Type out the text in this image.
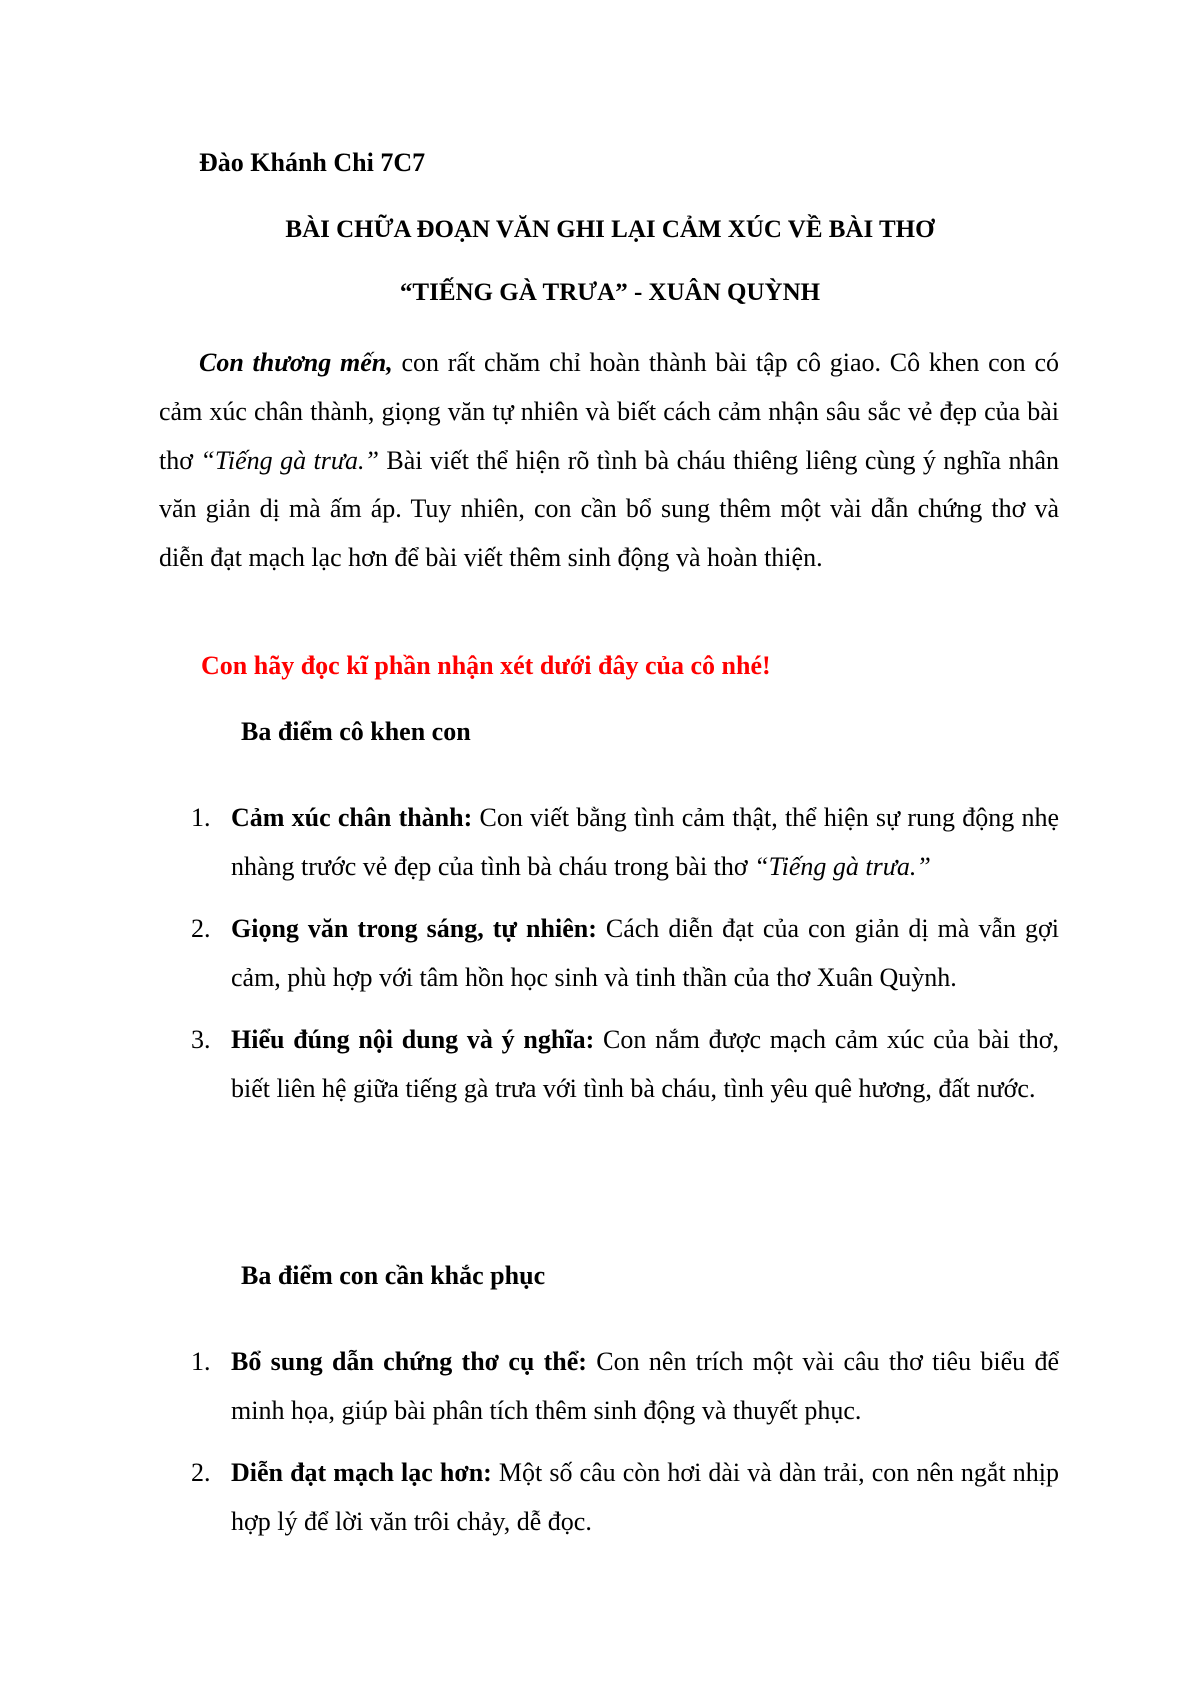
Đào Khánh Chi 7C7
BÀI CHỮA ĐOẠN VĂN GHI LẠI CẢM XÚC VỀ BÀI THƠ
“TIẾNG GÀ TRƯA” - XUÂN QUỲNH

Con thương mến, con rất chăm chỉ hoàn thành bài tập cô giao. Cô khen con có cảm xúc chân thành, giọng văn tự nhiên và biết cách cảm nhận sâu sắc vẻ đẹp của bài thơ “Tiếng gà trưa.” Bài viết thể hiện rõ tình bà cháu thiêng liêng cùng ý nghĩa nhân văn giản dị mà ấm áp. Tuy nhiên, con cần bổ sung thêm một vài dẫn chứng thơ và diễn đạt mạch lạc hơn để bài viết thêm sinh động và hoàn thiện.

Con hãy đọc kĩ phần nhận xét dưới đây của cô nhé!
Ba điểm cô khen con
1. Cảm xúc chân thành: Con viết bằng tình cảm thật, thể hiện sự rung động nhẹ nhàng trước vẻ đẹp của tình bà cháu trong bài thơ “Tiếng gà trưa.”
2. Giọng văn trong sáng, tự nhiên: Cách diễn đạt của con giản dị mà vẫn gợi cảm, phù hợp với tâm hồn học sinh và tinh thần của thơ Xuân Quỳnh.
3. Hiểu đúng nội dung và ý nghĩa: Con nắm được mạch cảm xúc của bài thơ, biết liên hệ giữa tiếng gà trưa với tình bà cháu, tình yêu quê hương, đất nước.
Ba điểm con cần khắc phục
1. Bổ sung dẫn chứng thơ cụ thể: Con nên trích một vài câu thơ tiêu biểu để minh họa, giúp bài phân tích thêm sinh động và thuyết phục.
2. Diễn đạt mạch lạc hơn: Một số câu còn hơi dài và dàn trải, con nên ngắt nhịp hợp lý để lời văn trôi chảy, dễ đọc.
